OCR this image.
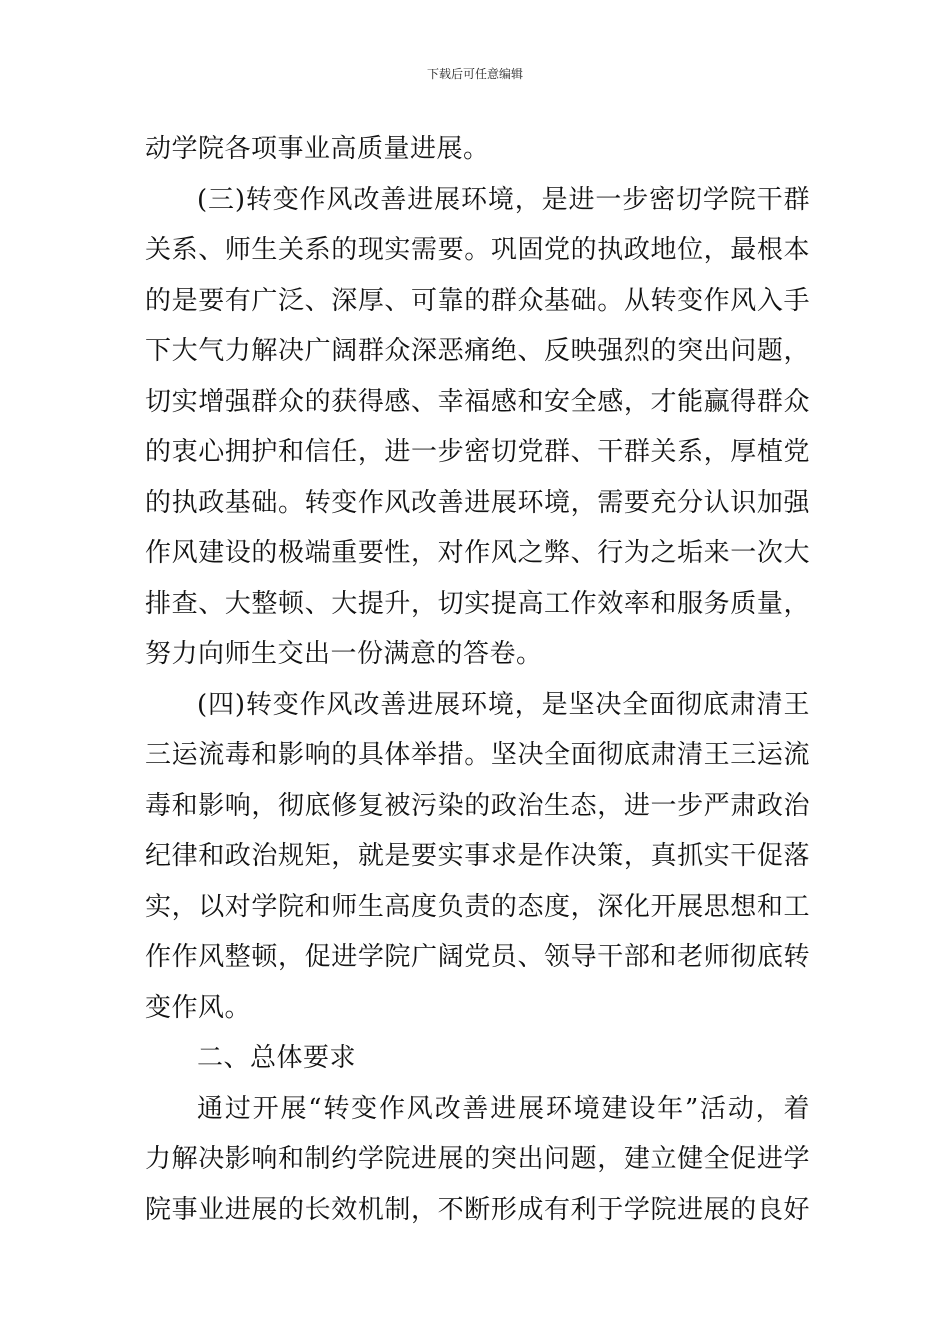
下载后可任意编辑
动学院各项事业高质量进展。
(三)转变作风改善进展环境，是进一步密切学院干群
关系、师生关系的现实需要。巩固党的执政地位，最根本
的是要有广泛、深厚、可靠的群众基础。从转变作风入手
下大气力解决广阔群众深恶痛绝、反映强烈的突出问题，
切实增强群众的获得感、幸福感和安全感，才能赢得群众
的衷心拥护和信任，进一步密切党群、干群关系，厚植党
的执政基础。转变作风改善进展环境，需要充分认识加强
作风建设的极端重要性，对作风之弊、行为之垢来一次大
排查、大整顿、大提升，切实提高工作效率和服务质量，
努力向师生交出一份满意的答卷。
(四)转变作风改善进展环境，是坚决全面彻底肃清王
三运流毒和影响的具体举措。坚决全面彻底肃清王三运流
毒和影响，彻底修复被污染的政治生态，进一步严肃政治
纪律和政治规矩，就是要实事求是作决策，真抓实干促落
实，以对学院和师生高度负责的态度，深化开展思想和工
作作风整顿，促进学院广阔党员、领导干部和老师彻底转
变作风。
二、总体要求
通过开展“转变作风改善进展环境建设年”活动，着
力解决影响和制约学院进展的突出问题，建立健全促进学
院事业进展的长效机制，不断形成有利于学院进展的良好
